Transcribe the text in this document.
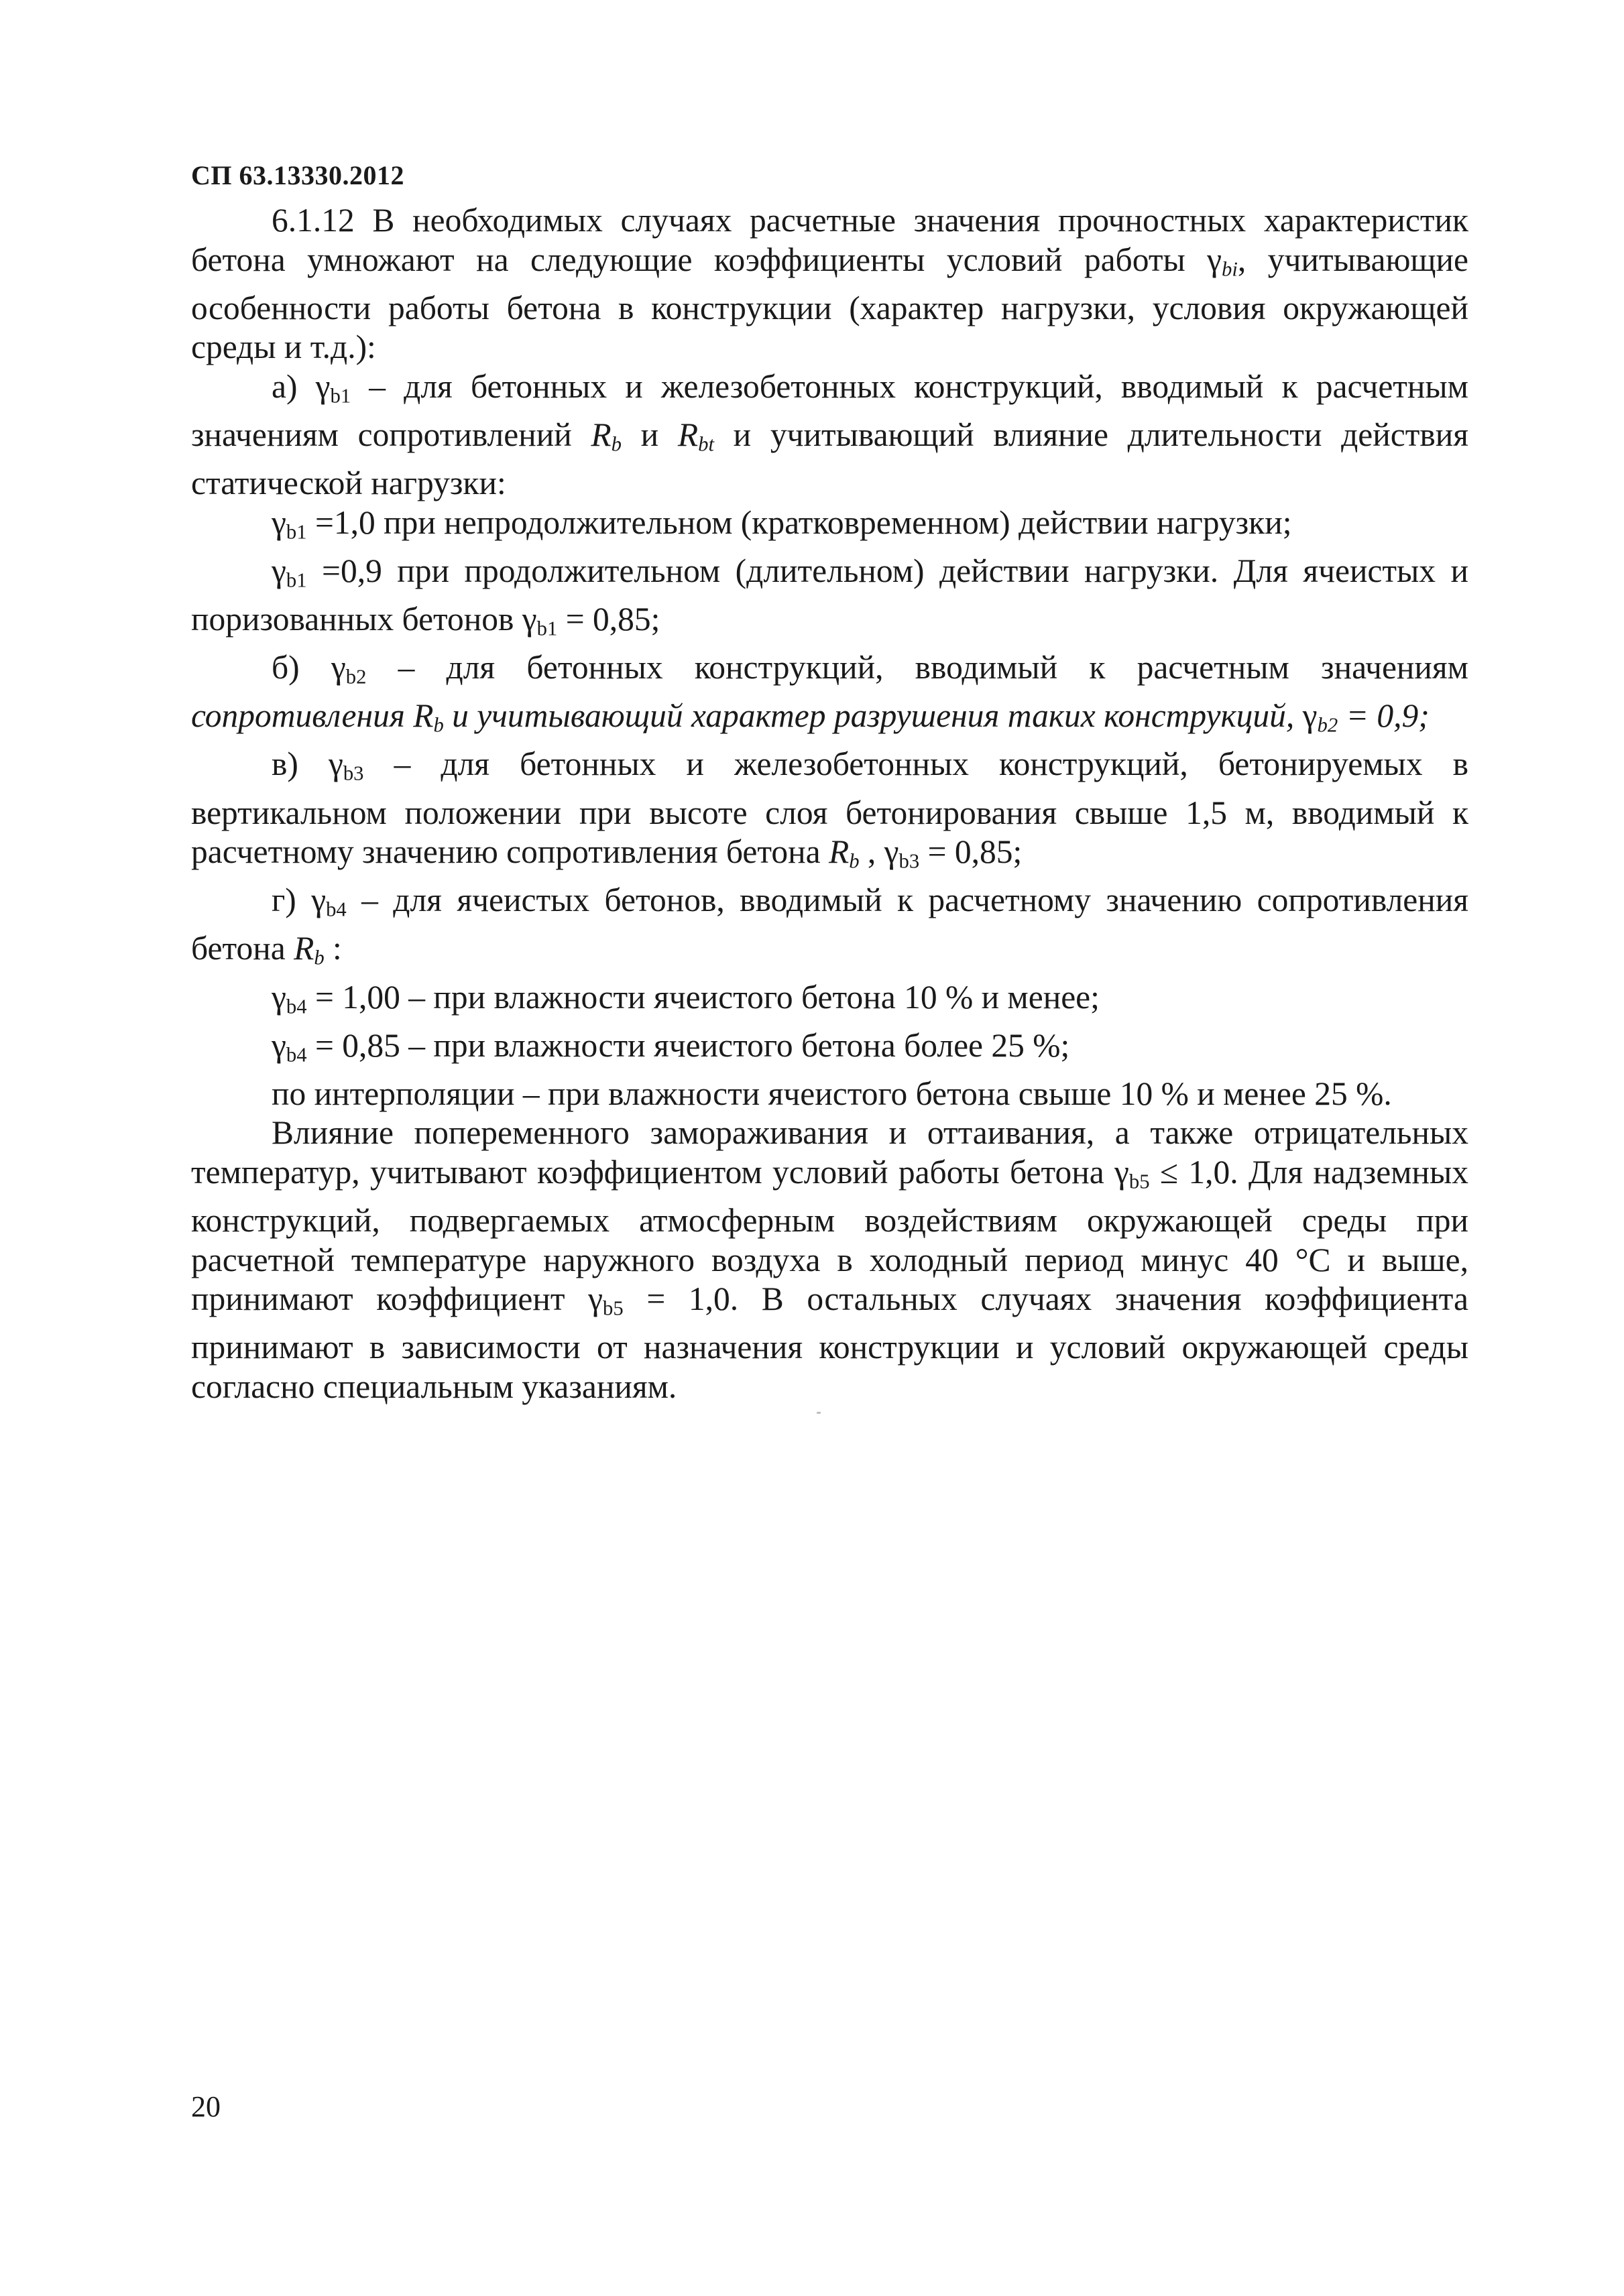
СП 63.13330.2012

6.1.12 В необходимых случаях расчетные значения прочностных характеристик бетона умножают на следующие коэффициенты условий работы $\gamma_{bi}$, учитывающие особенности работы бетона в конструкции (характер нагрузки, условия окружающей среды и т.д.):

а) $\gamma_{b1}$ – для бетонных и железобетонных конструкций, вводимый к расчетным значениям сопротивлений $R_b$ и $R_{bt}$ и учитывающий влияние длительности действия статической нагрузки:

$\gamma_{b1} =1,0$ при непродолжительном (кратковременном) действии нагрузки;

$\gamma_{b1} =0,9$ при продолжительном (длительном) действии нагрузки. Для ячеистых и поризованных бетонов $\gamma_{b1} = 0,85$;

б) $\gamma_{b2}$ – для бетонных конструкций, вводимый к расчетным значениям сопротивления $R_b$ и учитывающий характер разрушения таких конструкций, $\gamma_{b2} = 0,9$;

в) $\gamma_{b3}$ – для бетонных и железобетонных конструкций, бетонируемых в вертикальном положении при высоте слоя бетонирования свыше 1,5 м, вводимый к расчетному значению сопротивления бетона $R_b$ , $\gamma_{b3} = 0,85$;

г) $\gamma_{b4}$ – для ячеистых бетонов, вводимый к расчетному значению сопротивления бетона $R_b$ :

$\gamma_{b4} = 1,00$ – при влажности ячеистого бетона 10 % и менее;

$\gamma_{b4} = 0,85$ – при влажности ячеистого бетона более 25 %;

по интерполяции – при влажности ячеистого бетона свыше 10 % и менее 25 %.

Влияние попеременного замораживания и оттаивания, а также отрицательных температур, учитывают коэффициентом условий работы бетона $\gamma_{b5} \le 1,0$. Для надземных конструкций, подвергаемых атмосферным воздействиям окружающей среды при расчетной температуре наружного воздуха в холодный период минус 40 °С и выше, принимают коэффициент $\gamma_{b5} = 1,0$. В остальных случаях значения коэффициента принимают в зависимости от назначения конструкции и условий окружающей среды согласно специальным указаниям.

20
